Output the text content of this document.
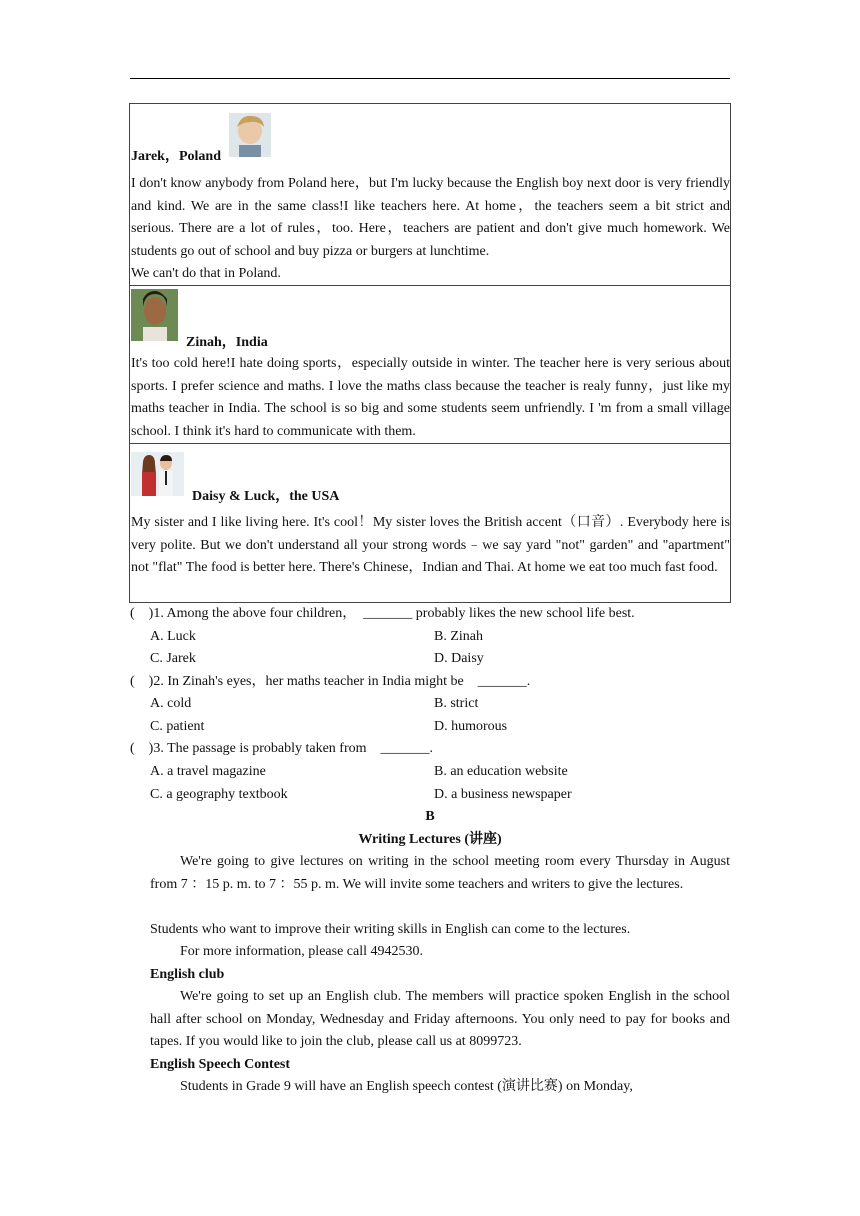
Jarek，Poland

I don't know anybody from Poland here，but I'm lucky because the English boy next door is very friendly and kind. We are in the same class!I like teachers here. At home，the teachers seem a bit strict and serious. There are a lot of rules，too. Here，teachers are patient and don't give much homework. We students go out of school and buy pizza or burgers at lunchtime.

We can't do that in Poland.

Zinah，India

It's too cold here!I hate doing sports，especially outside in winter. The teacher here is very serious about sports. I prefer science and maths. I love the maths class because the teacher is realy funny，just like my maths teacher in India. The school is so big and some students seem unfriendly. I 'm from a small village school. I think it's hard to communicate with them.

Daisy & Luck，the USA

My sister and I like living here. It's cool！My sister loves the British accent（口音）. Everybody here is very polite. But we don't understand all your strong words﹣we say yard "not" garden" and "apartment" not "flat" The food is better here. There's Chinese，Indian and Thai. At home we eat too much fast food.

(　)1. Among the above four children，　_______ probably likes the new school life best.
A. Luck	B. Zinah
C. Jarek	D. Daisy
(　)2. In Zinah's eyes，her maths teacher in India might be　_______.
A. cold	B. strict
C. patient	D. humorous
(　)3. The passage is probably taken from　_______.
A. a travel magazine	B. an education website
C. a geography textbook	D. a business newspaper
B
Writing Lectures (讲座)
We're going to give lectures on writing in the school meeting room every Thursday in August from 7 ：15 p. m. to 7 ：55 p. m. We will invite some teachers and writers to give the lectures.
Students who want to improve their writing skills in English can come to the lectures.
For more information, please call 4942530.
English club
We're going to set up an English club. The members will practice spoken English in the school hall after school on Monday, Wednesday and Friday afternoons. You only need to pay for books and tapes. If you would like to join the club, please call us at 8099723.
English Speech Contest
Students in Grade 9 will have an English speech contest (演讲比赛) on Monday,
